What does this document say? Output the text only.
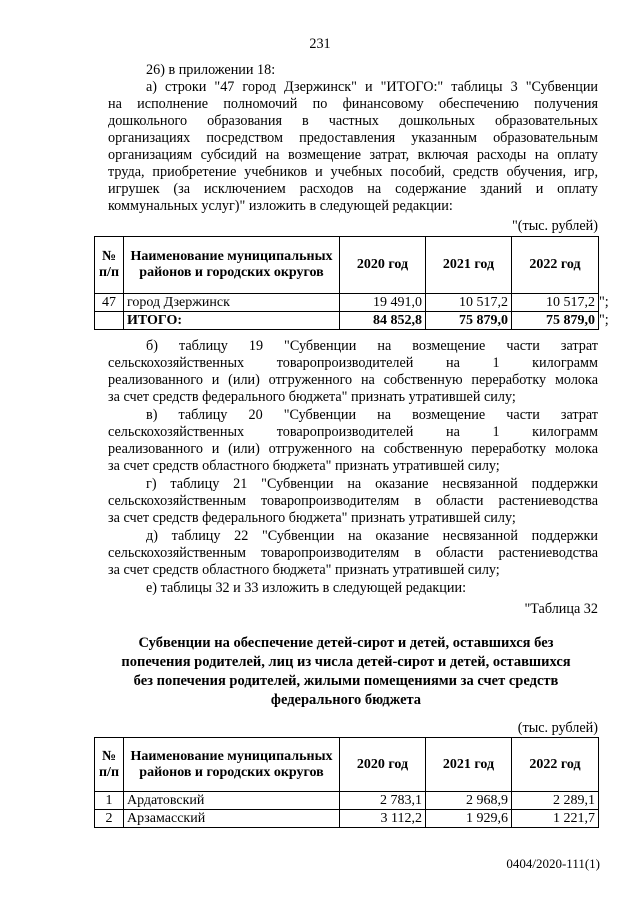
231
26) в приложении 18:
а) строки "47 город Дзержинск" и "ИТОГО:" таблицы 3 "Субвенции
на исполнение полномочий по финансовому обеспечению получения
дошкольного образования в частных дошкольных образовательных
организациях посредством предоставления указанным образовательным
организациям субсидий на возмещение затрат, включая расходы на оплату
труда, приобретение учебников и учебных пособий, средств обучения, игр,
игрушек (за исключением расходов на содержание зданий и оплату
коммунальных услуг)" изложить в следующей редакции:
"(тыс. рублей)
№ п/п	Наименование муниципальных районов и городских округов	2020 год	2021 год	2022 год
47	город Дзержинск	19 491,0	10 517,2	10 517,2
	ИТОГО:	84 852,8	75 879,0	75 879,0
";
";
б) таблицу 19 "Субвенции на возмещение части затрат
сельскохозяйственных товаропроизводителей на 1 килограмм
реализованного и (или) отгруженного на собственную переработку молока
за счет средств федерального бюджета" признать утратившей силу;
в) таблицу 20 "Субвенции на возмещение части затрат
сельскохозяйственных товаропроизводителей на 1 килограмм
реализованного и (или) отгруженного на собственную переработку молока
за счет средств областного бюджета" признать утратившей силу;
г) таблицу 21 "Субвенции на оказание несвязанной поддержки
сельскохозяйственным товаропроизводителям в области растениеводства
за счет средств федерального бюджета" признать утратившей силу;
д) таблицу 22 "Субвенции на оказание несвязанной поддержки
сельскохозяйственным товаропроизводителям в области растениеводства
за счет средств областного бюджета" признать утратившей силу;
е) таблицы 32 и 33 изложить в следующей редакции:
"Таблица 32
Субвенции на обеспечение детей-сирот и детей, оставшихся без
попечения родителей, лиц из числа детей-сирот и детей, оставшихся
без попечения родителей, жилыми помещениями за счет средств
федерального бюджета
(тыс. рублей)
№ п/п	Наименование муниципальных районов и городских округов	2020 год	2021 год	2022 год
1	Ардатовский	2 783,1	2 968,9	2 289,1
2	Арзамасский	3 112,2	1 929,6	1 221,7
0404/2020-111(1)
